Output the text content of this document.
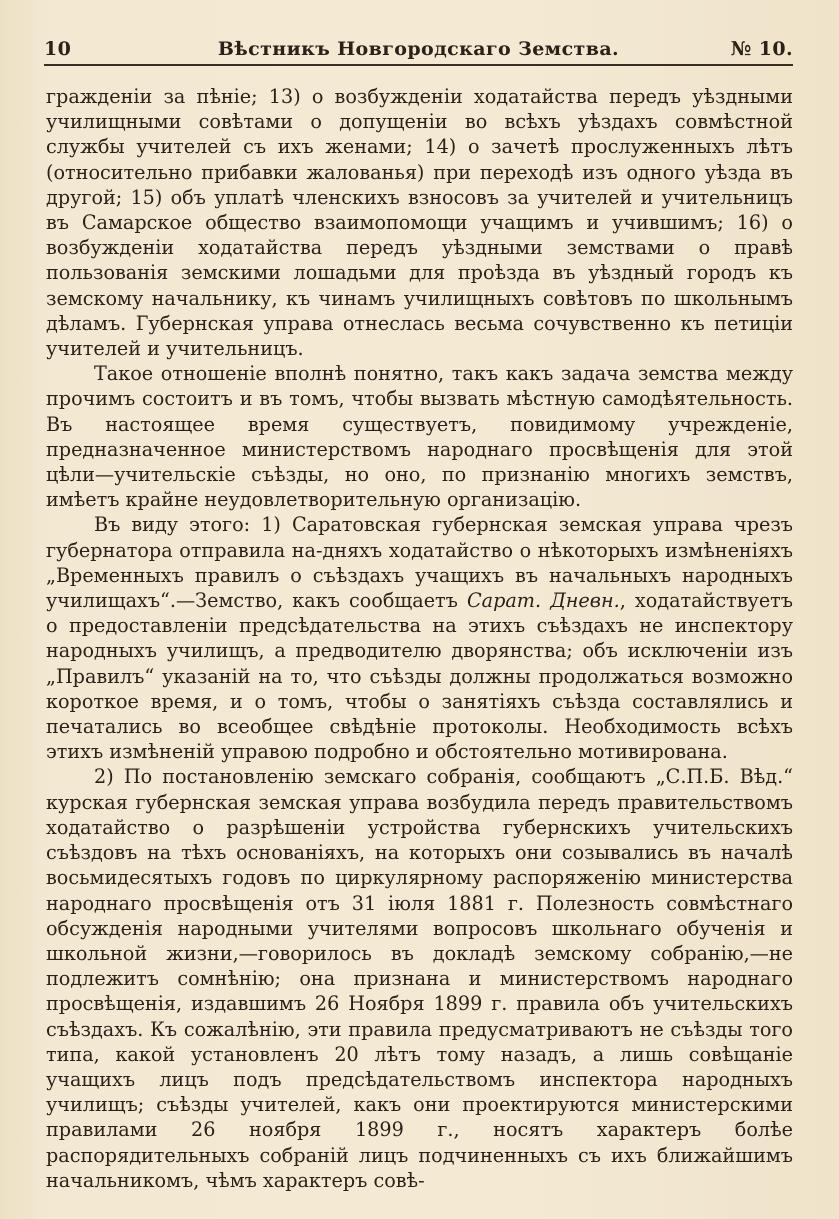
10	Вѣстникъ Новгородскаго Земства.	№ 10.

гражденіи за пѣніе; 13) о возбужденіи ходатайства передъ уѣздными училищными совѣтами о допущеніи во всѣхъ уѣздахъ совмѣстной службы учителей съ ихъ женами; 14) о зачетѣ прослуженныхъ лѣтъ (относительно прибавки жалованья) при переходѣ изъ одного уѣзда въ другой; 15) объ уплатѣ членскихъ взносовъ за учителей и учительницъ въ Самарское общество взаимопомощи учащимъ и учившимъ; 16) о возбужденіи ходатайства передъ уѣздными земствами о правѣ пользованія земскими лошадьми для проѣзда въ уѣздный городъ къ земскому начальнику, къ чинамъ училищныхъ совѣтовъ по школьнымъ дѣламъ. Губернская управа отнеслась весьма сочувственно къ петиціи учителей и учительницъ.

Такое отношеніе вполнѣ понятно, такъ какъ задача земства между прочимъ состоитъ и въ томъ, чтобы вызвать мѣстную самодѣятельность. Въ настоящее время существуетъ, повидимому учрежденіе, предназначенное министерствомъ народнаго просвѣщенія для этой цѣли—учительскіе съѣзды, но оно, по признанію многихъ земствъ, имѣетъ крайне неудовлетворительную организацію.

Въ виду этого: 1) Саратовская губернская земская управа чрезъ губернатора отправила на-дняхъ ходатайство о нѣкоторыхъ измѣненіяхъ „Временныхъ правилъ о съѣздахъ учащихъ въ начальныхъ народныхъ училищахъ“.—Земство, какъ сообщаетъ Сарат. Дневн., ходатайствуетъ о предоставленіи предсѣдательства на этихъ съѣздахъ не инспектору народныхъ училищъ, а предводителю дворянства; объ исключеніи изъ „Правилъ“ указаній на то, что съѣзды должны продолжаться возможно короткое время, и о томъ, чтобы о занятіяхъ съѣзда составлялись и печатались во всеобщее свѣдѣніе протоколы. Необходимость всѣхъ этихъ измѣненій управою подробно и обстоятельно мотивирована.

2) По постановленію земскаго собранія, сообщаютъ „С.П.Б. Вѣд.“ курская губернская земская управа возбудила передъ правительствомъ ходатайство о разрѣшеніи устройства губернскихъ учительскихъ съѣздовъ на тѣхъ основаніяхъ, на которыхъ они созывались въ началѣ восьмидесятыхъ годовъ по циркулярному распоряженію министерства народнаго просвѣщенія отъ 31 іюля 1881 г. Полезность совмѣстнаго обсужденія народными учителями вопросовъ школьнаго обученія и школьной жизни,—говорилось въ докладѣ земскому собранію,—не подлежитъ сомнѣнію; она признана и министерствомъ народнаго просвѣщенія, издавшимъ 26 Ноября 1899 г. правила объ учительскихъ съѣздахъ. Къ сожалѣнію, эти правила предусматриваютъ не съѣзды того типа, какой установленъ 20 лѣтъ тому назадъ, а лишь совѣщаніе учащихъ лицъ подъ предсѣдательствомъ инспектора народныхъ училищъ; съѣзды учителей, какъ они проектируются министерскими правилами 26 ноября 1899 г., носятъ характеръ болѣе распорядительныхъ собраній лицъ подчиненныхъ съ ихъ ближайшимъ начальникомъ, чѣмъ характеръ совѣ-
